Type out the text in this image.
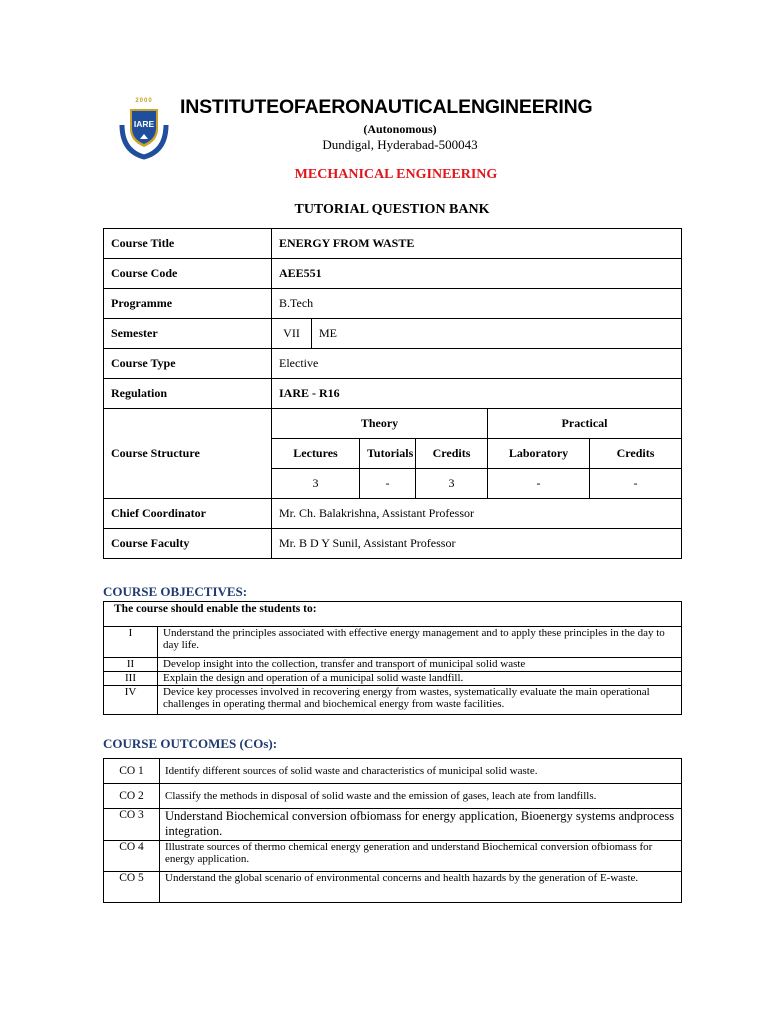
2000
IARE
INSTITUTEOFAERONAUTICALENGINEERING
(Autonomous)
Dundigal, Hyderabad-500043
MECHANICAL ENGINEERING
TUTORIAL QUESTION BANK
Course Title	ENERGY FROM WASTE					
Course Code	AEE551					
Programme	B.Tech					
Semester	VII	ME				
Course Type	Elective					
Regulation	IARE - R16					
Course Structure	Theory				Practical	
	Lectures		Tutorials	Credits	Laboratory	Credits
	3		-	3	-	-
Chief Coordinator	Mr. Ch. Balakrishna, Assistant Professor					
Course Faculty	Mr. B D Y Sunil, Assistant Professor					
COURSE OBJECTIVES:
The course should enable the students to:	
I	Understand the principles associated with effective energy management and to apply these principles in the day to day life.
II	Develop insight into the collection, transfer and transport of municipal solid waste
III	Explain the design and operation of a municipal solid waste landfill.
IV	Device key processes involved in recovering energy from wastes, systematically evaluate the main operational challenges in operating thermal and biochemical energy from waste facilities.
COURSE OUTCOMES (COs):
CO 1	Identify different sources of solid waste and characteristics of municipal solid waste.
CO 2	Classify the methods in disposal of solid waste and the emission of gases, leach ate from landfills.
CO 3	Understand Biochemical conversion ofbiomass for energy application, Bioenergy systems andprocess integration.
CO 4	Illustrate sources of thermo chemical energy generation and understand Biochemical conversion ofbiomass for energy application.
CO 5	Understand the global scenario of environmental concerns and health hazards by the generation of E-waste.
